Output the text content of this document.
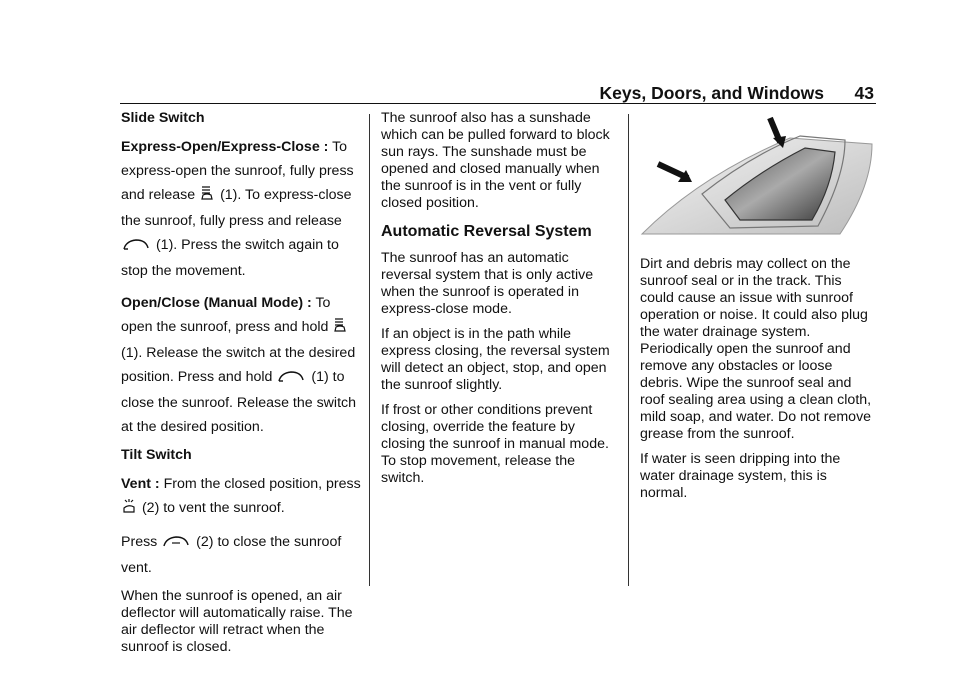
Keys, Doors, and Windows 43

Slide Switch

Express-Open/Express-Close : To express-open the sunroof, fully press and release (1). To express-close the sunroof, fully press and release  (1). Press the switch again to stop the movement.

Open/Close (Manual Mode) : To open the sunroof, press and hold  (1). Release the switch at the desired position. Press and hold	(1) to close the sunroof. Release the switch at the desired position.

Tilt Switch

Vent : From the closed position, press  (2) to vent the sunroof.

Press	(2) to close the sunroof vent.

When the sunroof is opened, an air deflector will automatically raise. The air deflector will retract when the sunroof is closed.

The sunroof also has a sunshade which can be pulled forward to block sun rays. The sunshade must be opened and closed manually when the sunroof is in the vent or fully closed position.

Automatic Reversal System

The sunroof has an automatic reversal system that is only active when the sunroof is operated in express-close mode.

If an object is in the path while express closing, the reversal system will detect an object, stop, and open the sunroof slightly.

If frost or other conditions prevent closing, override the feature by closing the sunroof in manual mode. To stop movement, release the switch.

Dirt and debris may collect on the sunroof seal or in the track. This could cause an issue with sunroof operation or noise. It could also plug the water drainage system. Periodically open the sunroof and remove any obstacles or loose debris. Wipe the sunroof seal and roof sealing area using a clean cloth, mild soap, and water. Do not remove grease from the sunroof.

If water is seen dripping into the water drainage system, this is normal.
